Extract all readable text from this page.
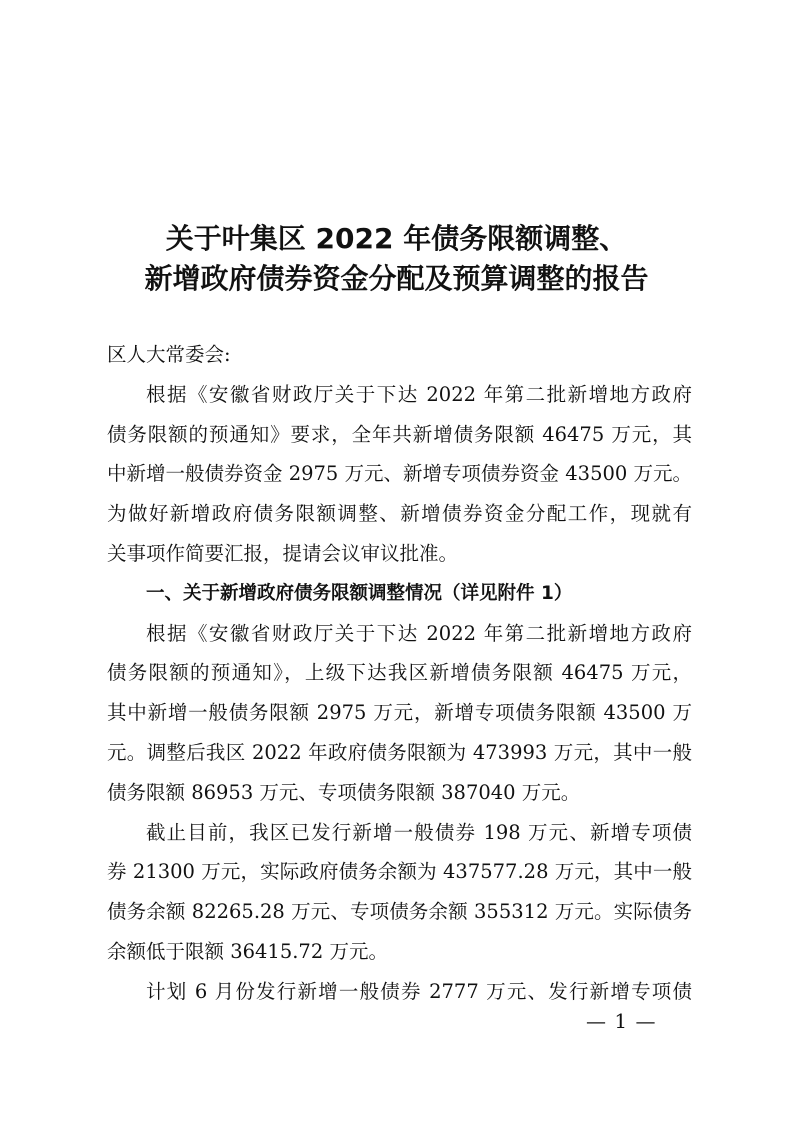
关于叶集区 2022 年债务限额调整、
新增政府债券资金分配及预算调整的报告

区人大常委会:

根据《安徽省财政厅关于下达 2022 年第二批新增地方政府

债务限额的预通知》要求，全年共新增债务限额 46475 万元，其

中新增一般债券资金 2975 万元、新增专项债券资金 43500 万元。

为做好新增政府债务限额调整、新增债券资金分配工作，现就有

关事项作简要汇报，提请会议审议批准。

一、关于新增政府债务限额调整情况（详见附件 1）

根据《安徽省财政厅关于下达 2022 年第二批新增地方政府

债务限额的预通知》，上级下达我区新增债务限额 46475 万元，

其中新增一般债务限额 2975 万元，新增专项债务限额 43500 万

元。调整后我区 2022 年政府债务限额为 473993 万元，其中一般

债务限额 86953 万元、专项债务限额 387040 万元。

截止目前，我区已发行新增一般债券 198 万元、新增专项债

券 21300 万元，实际政府债务余额为 437577.28 万元，其中一般

债务余额 82265.28 万元、专项债务余额 355312 万元。实际债务

余额低于限额 36415.72 万元。

计划 6 月份发行新增一般债券 2777 万元、发行新增专项债

— 1 —
